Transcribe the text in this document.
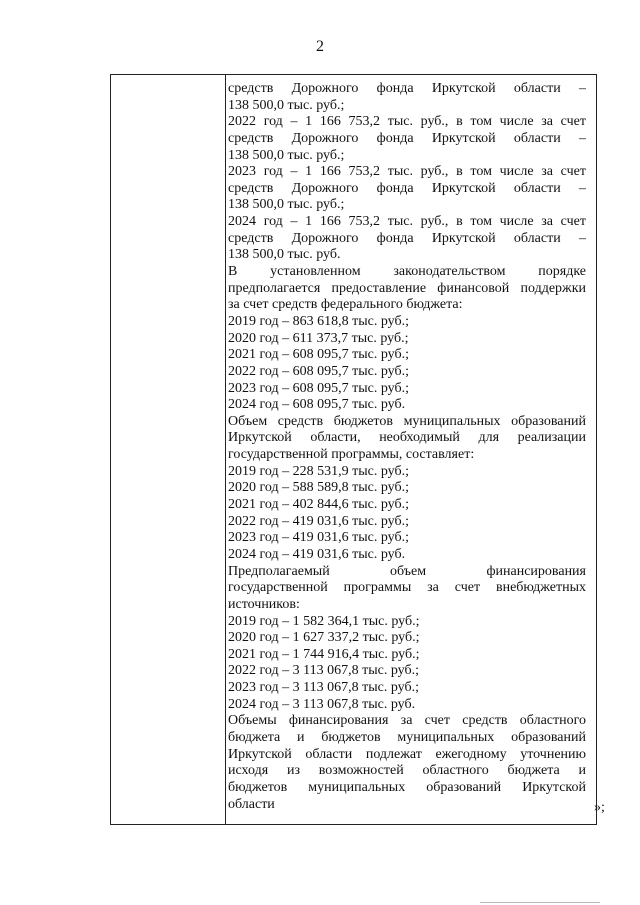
2
средств Дорожного фонда Иркутской области –
138 500,0 тыс. руб.;
2022 год – 1 166 753,2 тыс. руб., в том числе за счет
средств Дорожного фонда Иркутской области –
138 500,0 тыс. руб.;
2023 год – 1 166 753,2 тыс. руб., в том числе за счет
средств Дорожного фонда Иркутской области –
138 500,0 тыс. руб.;
2024 год – 1 166 753,2 тыс. руб., в том числе за счет
средств Дорожного фонда Иркутской области –
138 500,0 тыс. руб.
В установленном законодательством порядке
предполагается предоставление финансовой поддержки
за счет средств федерального бюджета:
2019 год – 863 618,8 тыс. руб.;
2020 год – 611 373,7 тыс. руб.;
2021 год – 608 095,7 тыс. руб.;
2022 год – 608 095,7 тыс. руб.;
2023 год – 608 095,7 тыс. руб.;
2024 год – 608 095,7 тыс. руб.
Объем средств бюджетов муниципальных образований
Иркутской области, необходимый для реализации
государственной программы, составляет:
2019 год – 228 531,9 тыс. руб.;
2020 год – 588 589,8 тыс. руб.;
2021 год – 402 844,6 тыс. руб.;
2022 год – 419 031,6 тыс. руб.;
2023 год – 419 031,6 тыс. руб.;
2024 год – 419 031,6 тыс. руб.
Предполагаемый объем финансирования
государственной программы за счет внебюджетных
источников:
2019 год – 1 582 364,1 тыс. руб.;
2020 год – 1 627 337,2 тыс. руб.;
2021 год – 1 744 916,4 тыс. руб.;
2022 год – 3 113 067,8 тыс. руб.;
2023 год – 3 113 067,8 тыс. руб.;
2024 год – 3 113 067,8 тыс. руб.
Объемы финансирования за счет средств областного
бюджета и бюджетов муниципальных образований
Иркутской области подлежат ежегодному уточнению
исходя из возможностей областного бюджета и
бюджетов муниципальных образований Иркутской
области	»;
